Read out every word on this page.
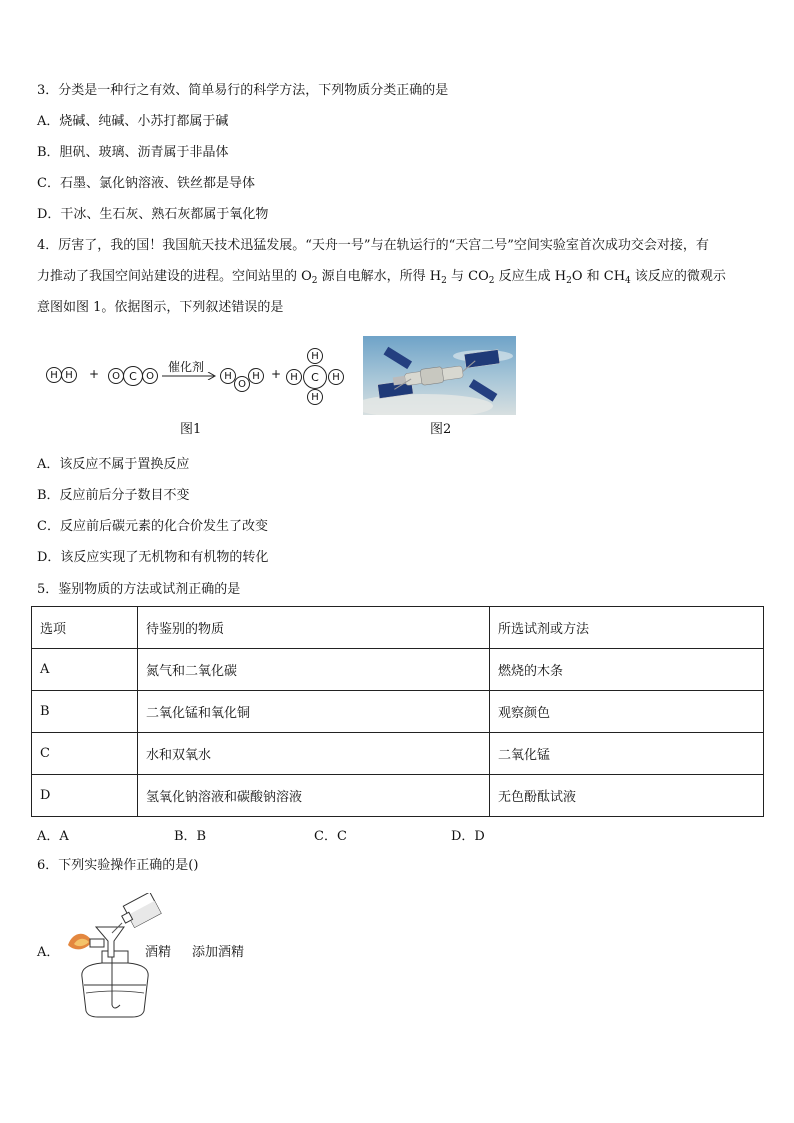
3．分类是一种行之有效、简单易行的科学方法，下列物质分类正确的是
A．烧碱、纯碱、小苏打都属于碱
B．胆矾、玻璃、沥青属于非晶体
C．石墨、氯化钠溶液、铁丝都是导体
D．干冰、生石灰、熟石灰都属于氧化物
4．厉害了，我的国！我国航天技术迅猛发展。“天舟一号”与在轨运行的“天宫二号”空间实验室首次成功交会对接，有
力推动了我国空间站建设的进程。空间站里的 $O_2$ 源自电解水，所得 $H_2$ 与 $CO_2$ 反应生成 $H_2O$ 和 $CH_4$ 该反应的微观示
意图如图 1。依据图示，下列叙述错误的是
H H	+	O C O
催化剂
H
O
H +
H
H	C	H
H
图1	图2
A．该反应不属于置换反应
B．反应前后分子数目不变
C．反应前后碳元素的化合价发生了改变
D．该反应实现了无机物和有机物的转化
5．鉴别物质的方法或试剂正确的是
选项	待鉴别的物质	所选试剂或方法
A	氮气和二氧化碳	燃烧的木条
B	二氧化锰和氧化铜	观察颜色
C	水和双氧水	二氧化锰
D	氢氧化钠溶液和碳酸钠溶液	无色酚酞试液
A．A	B．B	C．C	D．D
6．下列实验操作正确的是()
A．	酒精 添加酒精
